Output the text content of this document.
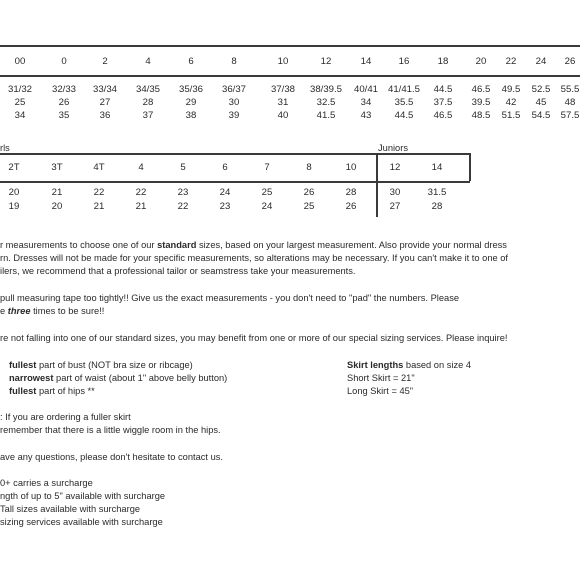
00	0	2	4	6	8	10	12	14	16	18	20	22	24	26
31/32	32/33	33/34	34/35	35/36	36/37	37/38	38/39.5	40/41	41/41.5	44.5	46.5	49.5	52.5	55.5
25	26	27	28	29	30	31	32.5	34	35.5	37.5	39.5	42	45	48
34	35	36	37	38	39	40	41.5	43	44.5	46.5	48.5	51.5	54.5	57.5
rls	Juniors
2T	3T	4T	4	5	6	7	8	10	12	14
20	21	22	22	23	24	25	26	28	30	31.5
19	20	21	21	22	23	24	25	26	27	28
r measurements to choose one of our standard sizes, based on your largest measurement. Also provide your normal dress
rn. Dresses will not be made for your specific measurements, so alterations may be necessary. If you can't make it to one of
ilers, we recommend that a professional tailor or seamstress take your measurements.
pull measuring tape too tightly!! Give us the exact measurements - you don't need to "pad" the numbers. Please
e three times to be sure!!
re not falling into one of our standard sizes, you may benefit from one or more of our special sizing services. Please inquire!
fullest part of bust (NOT bra size or ribcage)
narrowest part of waist (about 1" above belly button)
fullest part of hips **
Skirt lengths based on size 4
Short Skirt = 21"
Long Skirt = 45"
: If you are ordering a fuller skirt
remember that there is a little wiggle room in the hips.
ave any questions, please don't hesitate to contact us.
0+ carries a surcharge
ngth of up to 5" available with surcharge
Tall sizes available with surcharge
sizing services available with surcharge
